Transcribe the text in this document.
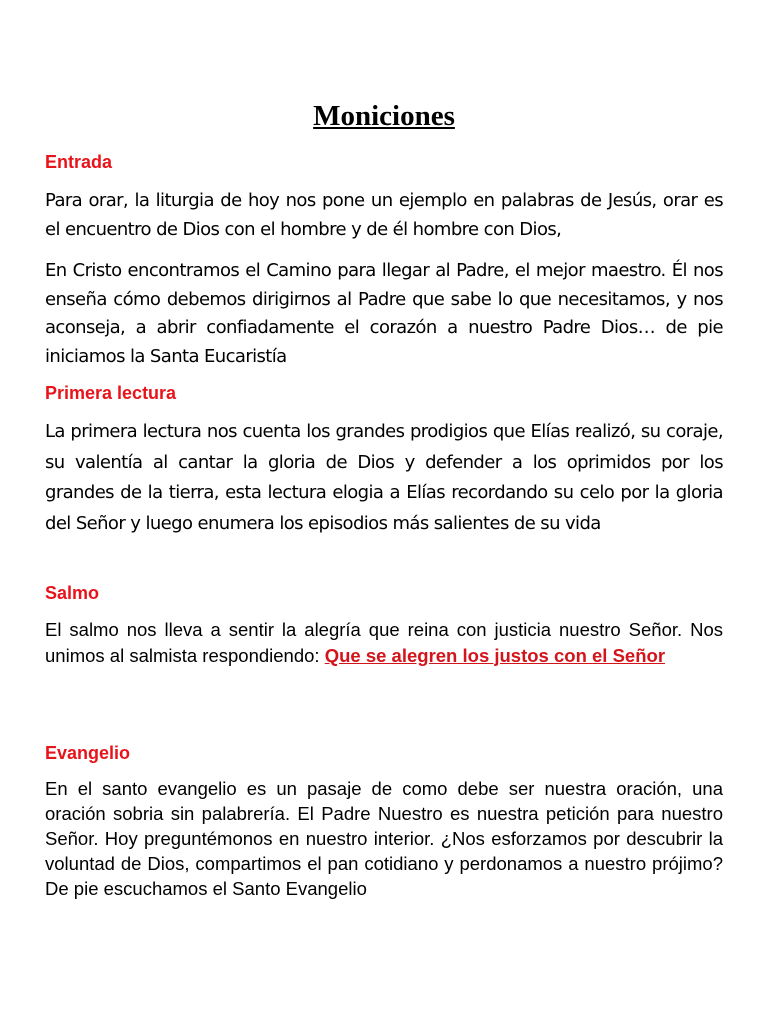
Moniciones
Entrada

Para orar, la liturgia de hoy nos pone un ejemplo en palabras de Jesús, orar es el encuentro de Dios con el hombre y de él hombre con Dios,

En Cristo encontramos el Camino para llegar al Padre, el mejor maestro. Él nos enseña cómo debemos dirigirnos al Padre que sabe lo que necesitamos, y nos aconseja, a abrir confiadamente el corazón a nuestro Padre Dios… de pie iniciamos la Santa Eucaristía

Primera lectura

La primera lectura nos cuenta los grandes prodigios que Elías realizó, su coraje, su valentía al cantar la gloria de Dios y defender a los oprimidos por los grandes de la tierra, esta lectura elogia a Elías recordando su celo por la gloria del Señor y luego enumera los episodios más salientes de su vida

Salmo

El salmo nos lleva a sentir la alegría que reina con justicia nuestro Señor. Nos unimos al salmista respondiendo: Que se alegren los justos con el Señor

Evangelio

En el santo evangelio es un pasaje de como debe ser nuestra oración, una oración sobria sin palabrería. El Padre Nuestro es nuestra petición para nuestro Señor. Hoy preguntémonos en nuestro interior. ¿Nos esforzamos por descubrir la voluntad de Dios, compartimos el pan cotidiano y perdonamos a nuestro prójimo? De pie escuchamos el Santo Evangelio
